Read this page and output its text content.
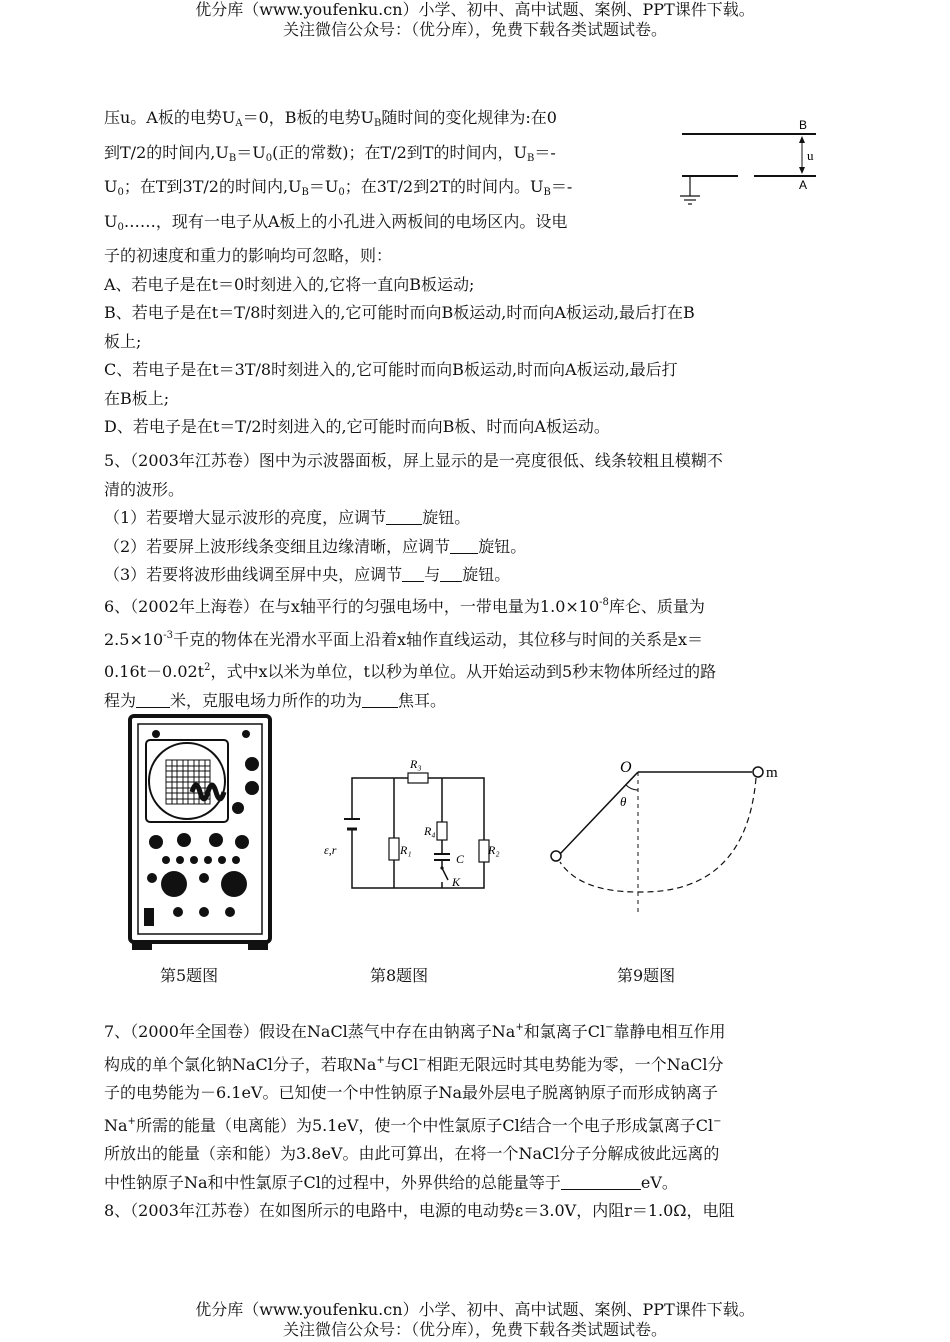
优分库（www.youfenku.cn）小学、初中、高中试题、案例、PPT课件下载。
关注微信公众号：（优分库），免费下载各类试题试卷。
压u。A板的电势$U_A=0$，B板的电势$U_B$随时间的变化规律为:在0
到T/2的时间内$,U_B=U_0$(正的常数)；在T/2到T的时间内，$U_B=-$
$U_0$；在T到3T/2的时间内$,U_B=U_0$；在3T/2到2T的时间内。$U_B=-$
$U_0\dots\dots$，现有一电子从A板上的小孔进入两板间的电场区内。设电
子的初速度和重力的影响均可忽略，则：
A、若电子是在t＝0时刻进入的,它将一直向B板运动;
B、若电子是在t＝T/8时刻进入的,它可能时而向B板运动,时而向A板运动,最后打在B
板上;
C、若电子是在t＝3T/8时刻进入的,它可能时而向B板运动,时而向A板运动,最后打
在B板上;
D、若电子是在t＝T/2时刻进入的,它可能时而向B板、时而向A板运动。
B
u
A
5、（2003年江苏卷）图中为示波器面板，屏上显示的是一亮度很低、线条较粗且模糊不
清的波形。
（1）若要增大显示波形的亮度，应调节 旋钮。
（2）若要屏上波形线条变细且边缘清晰，应调节 旋钮。
（3）若要将波形曲线调至屏中央，应调节 与 旋钮。
6、（2002年上海卷）在与x轴平行的匀强电场中，一带电量为$1.0\times 10^{-8}$库仑、质量为
$2.5\times 10^{-3}$千克的物体在光滑水平面上沿着x轴作直线运动，其位移与时间的关系是x＝
$0.16t-0.02t^2$，式中x以米为单位，t以秒为单位。从开始运动到5秒末物体所经过的路
程为 米，克服电场力所作的功为 焦耳。
R₃
R₄
R₁
C
K
R₂
ε,r
O
θ
m
第5题图	第8题图	第9题图
7、（2000年全国卷）假设在NaCl蒸气中存在由钠离子Na+和氯离子Cl−靠静电相互作用
构成的单个氯化钠NaCl分子，若取Na+与Cl−相距无限远时其电势能为零，一个NaCl分
子的电势能为－6.1eV。已知使一个中性钠原子Na最外层电子脱离钠原子而形成钠离子
Na+所需的能量（电离能）为5.1eV，使一个中性氯原子Cl结合一个电子形成氯离子Cl−
所放出的能量（亲和能）为3.8eV。由此可算出，在将一个NaCl分子分解成彼此远离的
中性钠原子Na和中性氯原子Cl的过程中，外界供给的总能量等于	eV。
8、（2003年江苏卷）在如图所示的电路中，电源的电动势ε＝3.0V，内阻r＝1.0Ω，电阻
优分库（www.youfenku.cn）小学、初中、高中试题、案例、PPT课件下载。
关注微信公众号：（优分库），免费下载各类试题试卷。
